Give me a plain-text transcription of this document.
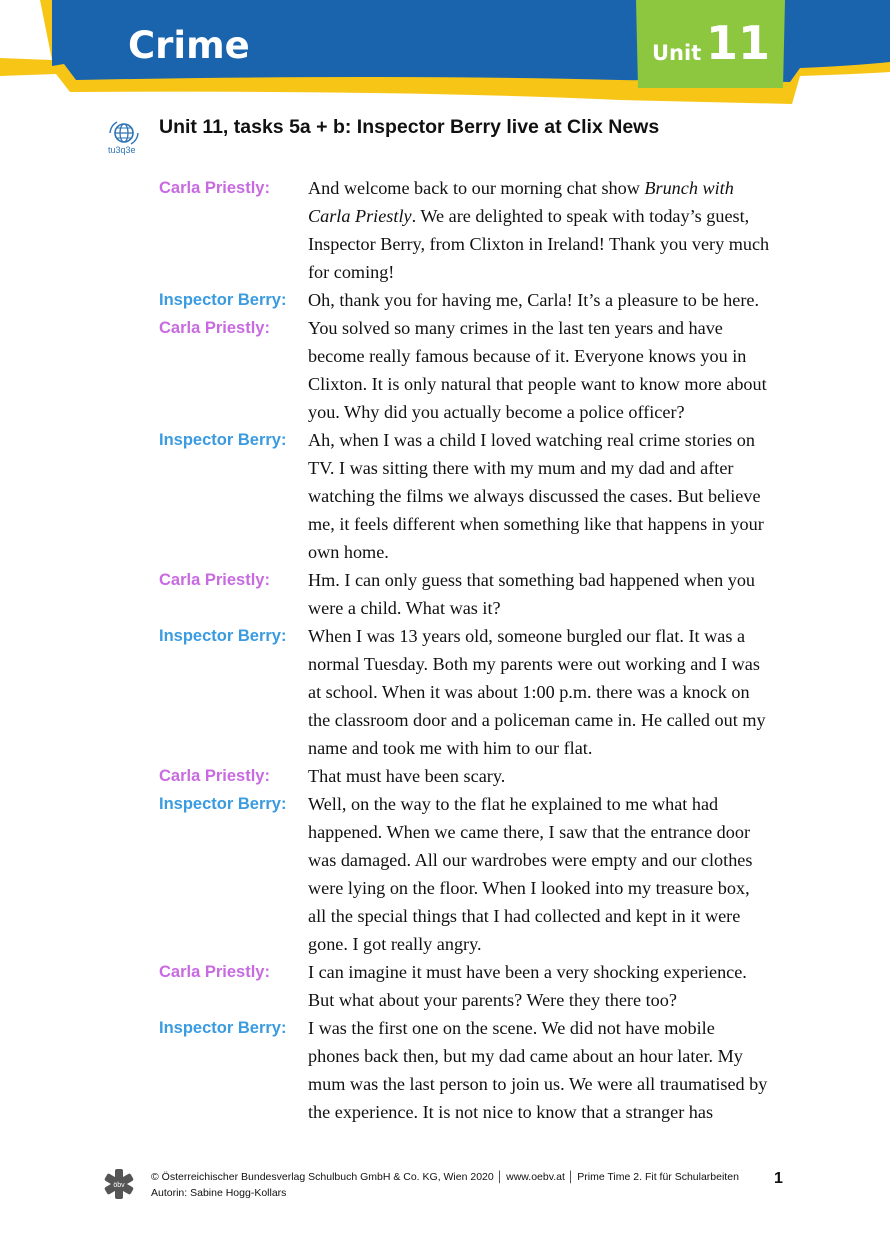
Crime	Unit 11
tu3q3e
Unit 11, tasks 5a + b: Inspector Berry live at Clix News
Carla Priestly:	And welcome back to our morning chat show Brunch with
Carla Priestly. We are delighted to speak with today’s guest,
Inspector Berry, from Clixton in Ireland! Thank you very much
for coming!
Inspector Berry:	Oh, thank you for having me, Carla! It’s a pleasure to be here.
Carla Priestly:	You solved so many crimes in the last ten years and have
become really famous because of it. Everyone knows you in
Clixton. It is only natural that people want to know more about
you. Why did you actually become a police officer?
Inspector Berry:	Ah, when I was a child I loved watching real crime stories on
TV. I was sitting there with my mum and my dad and after
watching the films we always discussed the cases. But believe
me, it feels different when something like that happens in your
own home.
Carla Priestly:	Hm. I can only guess that something bad happened when you
were a child. What was it?
Inspector Berry:	When I was 13 years old, someone burgled our flat. It was a
normal Tuesday. Both my parents were out working and I was
at school. When it was about 1:00 p.m. there was a knock on
the classroom door and a policeman came in. He called out my
name and took me with him to our flat.
Carla Priestly:	That must have been scary.
Inspector Berry:	Well, on the way to the flat he explained to me what had
happened. When we came there, I saw that the entrance door
was damaged. All our wardrobes were empty and our clothes
were lying on the floor. When I looked into my treasure box,
all the special things that I had collected and kept in it were
gone. I got really angry.
Carla Priestly:	I can imagine it must have been a very shocking experience.
But what about your parents? Were they there too?
Inspector Berry:	I was the first one on the scene. We did not have mobile
phones back then, but my dad came about an hour later. My
mum was the last person to join us. We were all traumatised by
the experience. It is not nice to know that a stranger has
öbv
© Österreichischer Bundesverlag Schulbuch GmbH & Co. KG, Wien 2020 │ www.oebv.at │ Prime Time 2. Fit für Schularbeiten
Autorin: Sabine Hogg-Kollars
1
